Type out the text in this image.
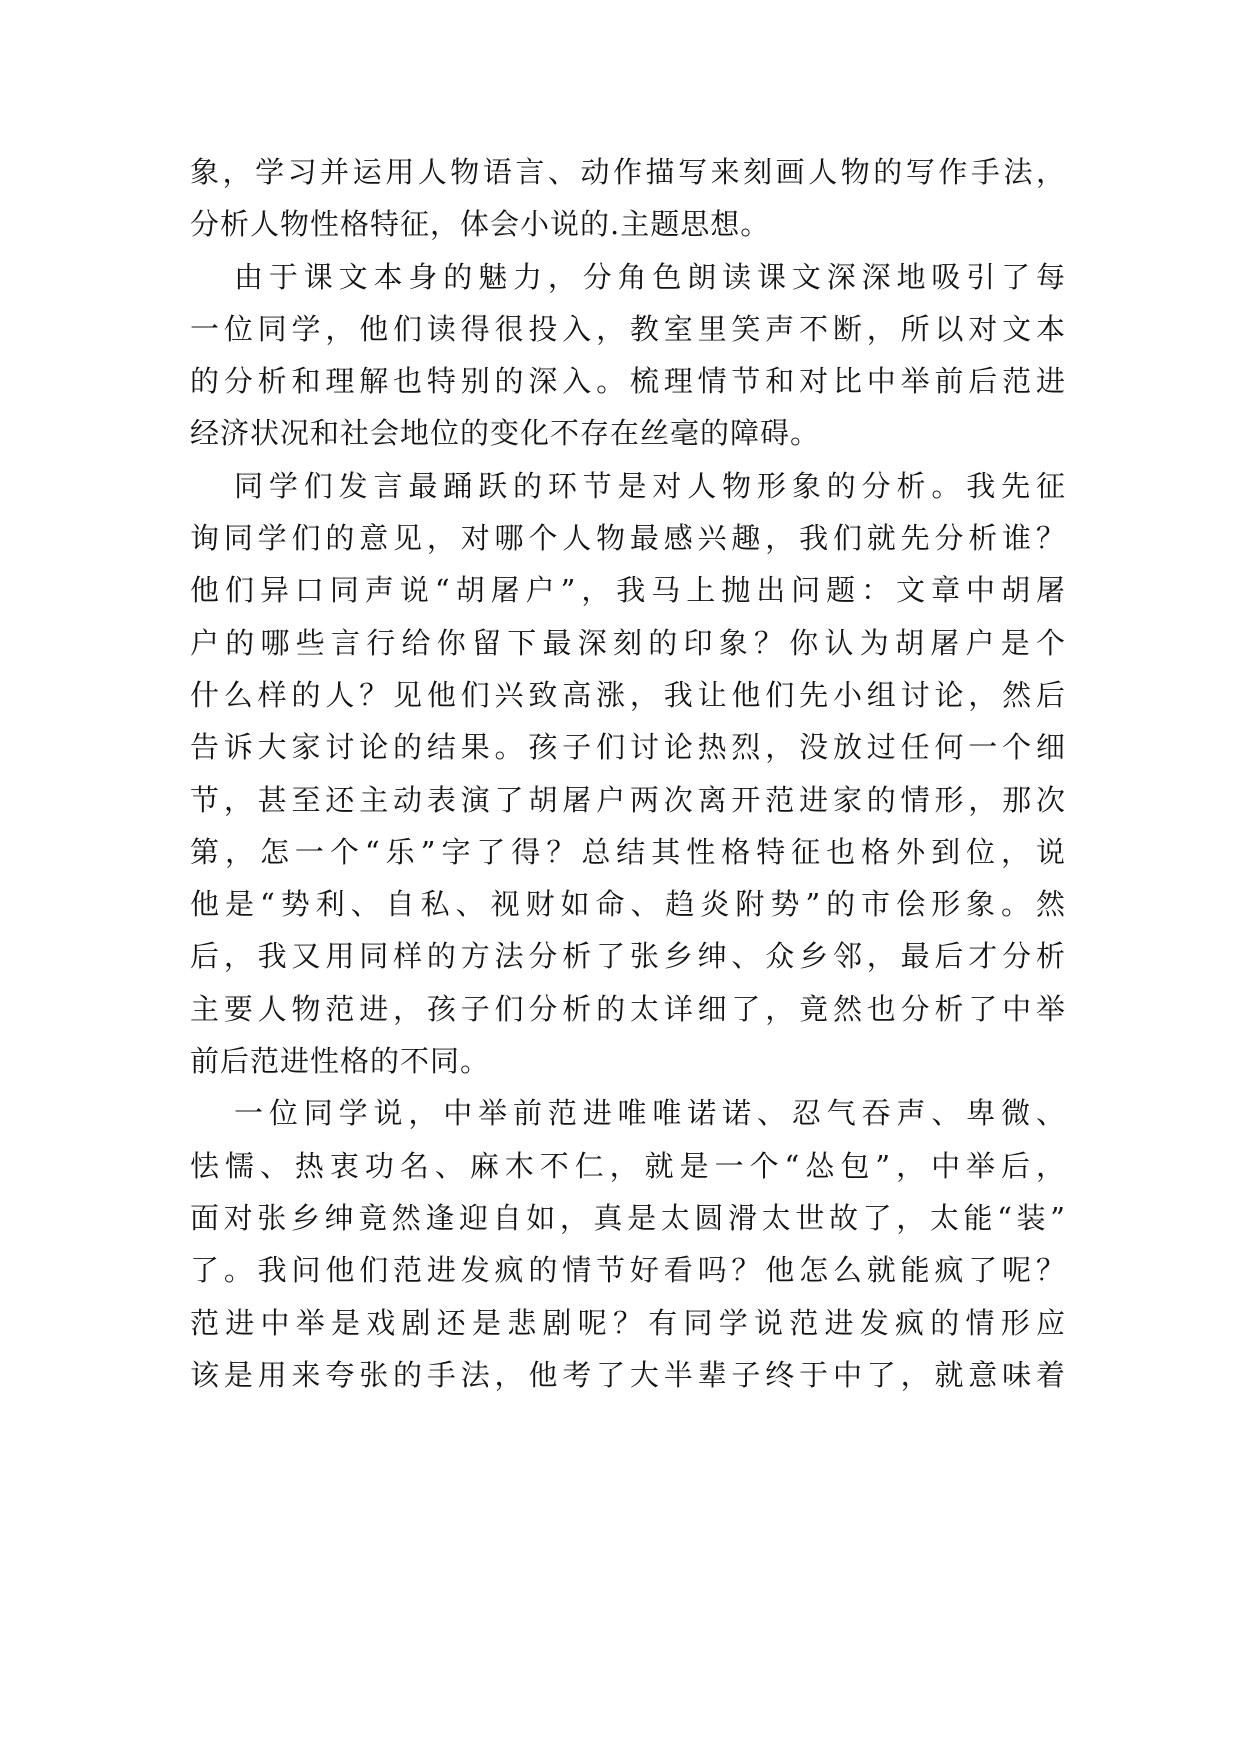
象，学习并运用人物语言、动作描写来刻画人物的写作手法，
分析人物性格特征，体会小说的.主题思想。
由于课文本身的魅力，分角色朗读课文深深地吸引了每
一位同学，他们读得很投入，教室里笑声不断，所以对文本
的分析和理解也特别的深入。梳理情节和对比中举前后范进
经济状况和社会地位的变化不存在丝毫的障碍。
同学们发言最踊跃的环节是对人物形象的分析。我先征
询同学们的意见，对哪个人物最感兴趣，我们就先分析谁？
他们异口同声说“胡屠户”，我马上抛出问题：文章中胡屠
户的哪些言行给你留下最深刻的印象？你认为胡屠户是个
什么样的人？见他们兴致高涨，我让他们先小组讨论，然后
告诉大家讨论的结果。孩子们讨论热烈，没放过任何一个细
节，甚至还主动表演了胡屠户两次离开范进家的情形，那次
第，怎一个“乐”字了得？总结其性格特征也格外到位，说
他是“势利、自私、视财如命、趋炎附势”的市侩形象。然
后，我又用同样的方法分析了张乡绅、众乡邻，最后才分析
主要人物范进，孩子们分析的太详细了，竟然也分析了中举
前后范进性格的不同。
一位同学说，中举前范进唯唯诺诺、忍气吞声、卑微、
怯懦、热衷功名、麻木不仁，就是一个“怂包”，中举后，
面对张乡绅竟然逢迎自如，真是太圆滑太世故了，太能“装”
了。我问他们范进发疯的情节好看吗？他怎么就能疯了呢？
范进中举是戏剧还是悲剧呢？有同学说范进发疯的情形应
该是用来夸张的手法，他考了大半辈子终于中了，就意味着
